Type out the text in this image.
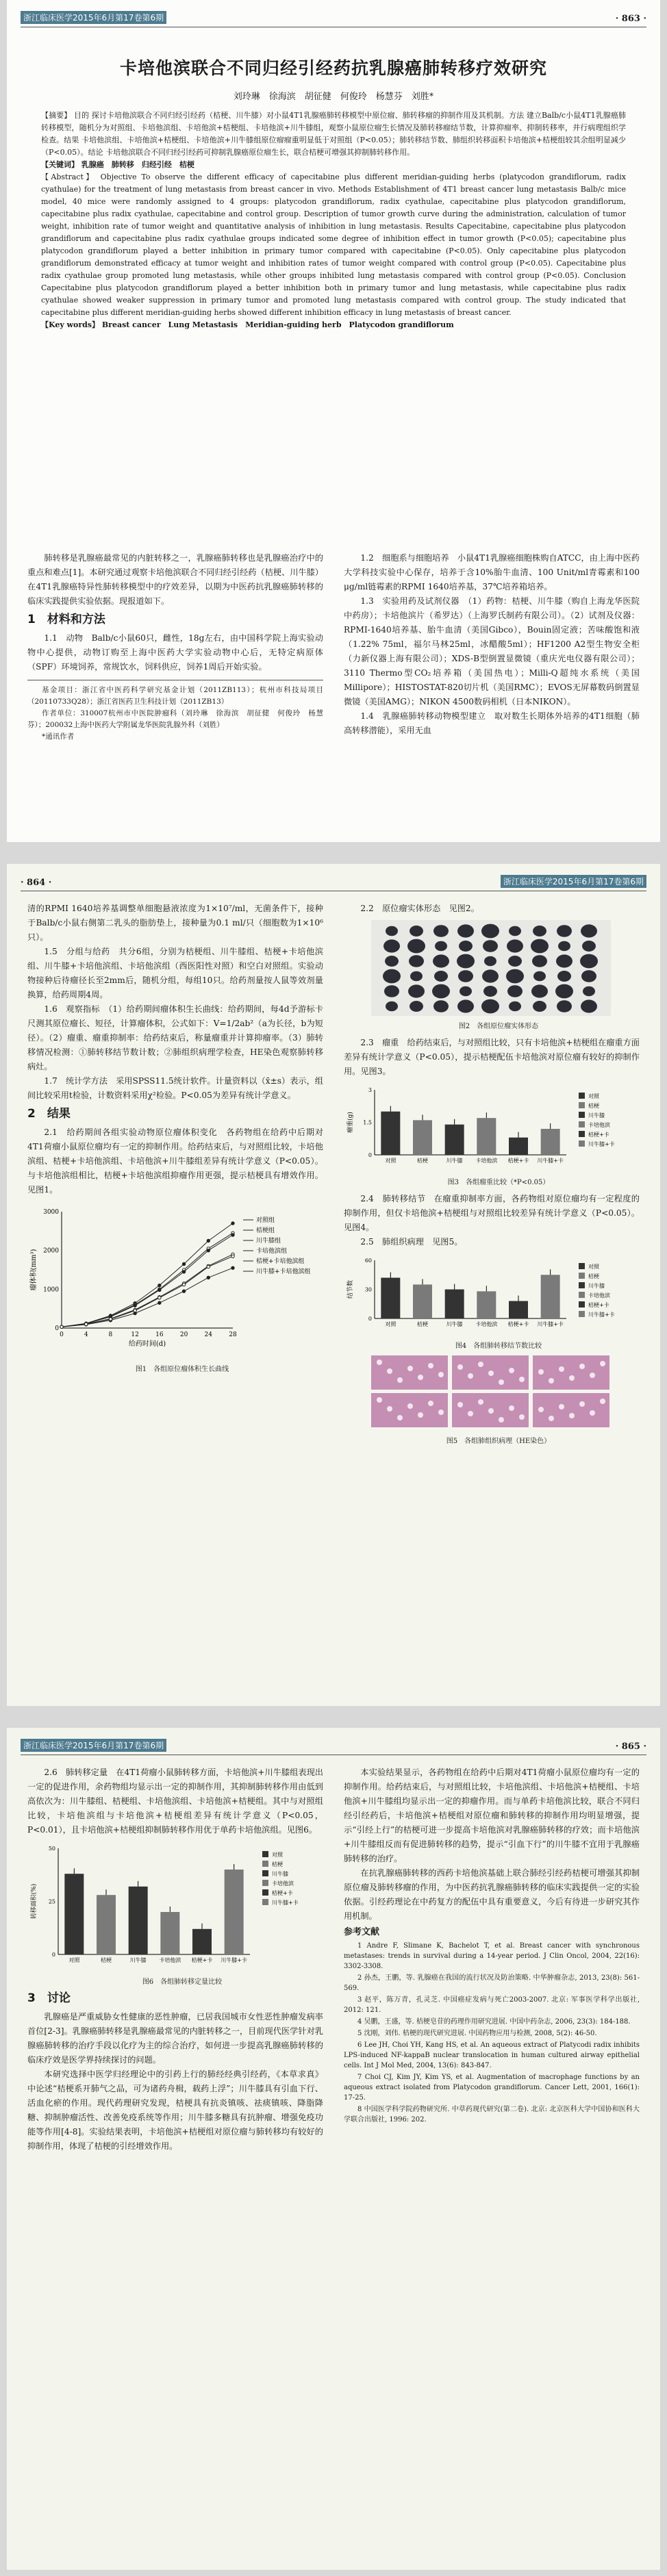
浙江临床医学2015年6月第17卷第6期	· 863 ·
卡培他滨联合不同归经引经药抗乳腺癌肺转移疗效研究
刘玲琳　徐海滨　胡征健　何俊玲　杨慧芬　刘胜*

【摘要】 目的 探讨卡培他滨联合不同归经引经药（桔梗、川牛膝）对小鼠4T1乳腺癌肺转移模型中原位瘤、肺转移瘤的抑制作用及其机制。方法 建立Balb/c小鼠4T1乳腺癌肺转移模型，随机分为对照组、卡培他滨组、卡培他滨+桔梗组、卡培他滨+川牛膝组，观察小鼠原位瘤生长情况及肺转移瘤结节数，计算抑瘤率、抑制转移率，并行病理组织学检查。结果 卡培他滨组、卡培他滨+桔梗组、卡培他滨+川牛膝组原位瘤瘤重明显低于对照组（P<0.05）；肺转移结节数、肺组织转移面积卡培他滨+桔梗组较其余组明显减少（P<0.05）。结论 卡培他滨联合不同归经引经药可抑制乳腺癌原位瘤生长，联合桔梗可增强其抑制肺转移作用。

【关键词】 乳腺癌　肺转移　归经引经　桔梗

【Abstract】 Objective To observe the different efficacy of capecitabine plus different meridian-guiding herbs (platycodon grandiflorum, radix cyathulae) for the treatment of lung metastasis from breast cancer in vivo. Methods Establishment of 4T1 breast cancer lung metastasis Balb/c mice model, 40 mice were randomly assigned to 4 groups: platycodon grandiflorum, radix cyathulae, capecitabine plus platycodon grandiflorum, capecitabine plus radix cyathulae, capecitabine and control group. Description of tumor growth curve during the administration, calculation of tumor weight, inhibition rate of tumor weight and quantitative analysis of inhibition in lung metastasis. Results Capecitabine, capecitabine plus platycodon grandiflorum and capecitabine plus radix cyathulae groups indicated some degree of inhibition effect in tumor growth (P<0.05); capecitabine plus platycodon grandiflorum played a better inhibition in primary tumor compared with capecitabine (P<0.05). Only capecitabine plus platycodon grandiflorum demonstrated efficacy at tumor weight and inhibition rates of tumor weight compared with control group (P<0.05). Capecitabine plus radix cyathulae group promoted lung metastasis, while other groups inhibited lung metastasis compared with control group (P<0.05). Conclusion Capecitabine plus platycodon grandiflorum played a better inhibition both in primary tumor and lung metastasis, while capecitabine plus radix cyathulae showed weaker suppression in primary tumor and promoted lung metastasis compared with control group. The study indicated that capecitabine plus different meridian-guiding herbs showed different inhibition efficacy in lung metastasis of breast cancer.

【Key words】 Breast cancer　Lung Metastasis　Meridian-guiding herb　Platycodon grandiflorum

肺转移是乳腺癌最常见的内脏转移之一，乳腺癌肺转移也是乳腺癌治疗中的重点和难点[1]。本研究通过观察卡培他滨联合不同归经引经药（桔梗、川牛膝）在4T1乳腺癌特异性肺转移模型中的疗效差异，以期为中医药抗乳腺癌肺转移的临床实践提供实验依据。现报道如下。

1　材料和方法

1.1　动物　Balb/c小鼠60只，雌性，18g左右，由中国科学院上海实验动物中心提供，动物订购至上海中医药大学实验动物中心后，无特定病原体（SPF）环境饲养，常规饮水，饲料供应，饲养1周后开始实验。

基金项目：浙江省中医药科学研究基金计划（2011ZB113）；杭州市科技局项目（20110733Q28）；浙江省医药卫生科技计划（2011ZB13）

作者单位：310007杭州市中医院肿瘤科（刘玲琳　徐海滨　胡征健　何俊玲　杨慧芬）；200032上海中医药大学附属龙华医院乳腺外科（刘胜）

*通讯作者

1.2　细胞系与细胞培养　小鼠4T1乳腺癌细胞株购自ATCC，由上海中医药大学科技实验中心保存，培养于含10%胎牛血清、100 Unit/ml青霉素和100 μg/ml链霉素的RPMI 1640培养基，37℃培养箱培养。

1.3　实验用药及试剂仪器　（1）药物：桔梗、川牛膝（购自上海龙华医院中药房）；卡培他滨片（希罗达）（上海罗氏制药有限公司）。（2）试剂及仪器：RPMI-1640培养基、胎牛血清（美国Gibco），Bouin固定液；苦味酸饱和液（1.22% 75ml，福尔马林25ml，冰醋酸5ml）；HF1200 A2型生物安全柜（力新仪器上海有限公司）；XDS-B型倒置显微镜（重庆光电仪器有限公司）；3110 Thermo型CO₂培养箱（美国热电）；Milli-Q超纯水系统（美国Millipore）；HISTOSTAT-820切片机（美国RMC）；EVOS无屏幕数码倒置显微镜（美国AMG）；NIKON 4500数码相机（日本NIKON）。

1.4　乳腺癌肺转移动物模型建立　取对数生长期体外培养的4T1细胞（肺高转移潜能），采用无血

浙江临床医学2015年6月第17卷第6期
· 864 ·

清的RPMI 1640培养基调整单细胞悬液浓度为1×10⁷/ml，无菌条件下，接种于Balb/c小鼠右侧第二乳头的脂肪垫上，接种量为0.1 ml/只（细胞数为1×10⁶只）。

1.5　分组与给药　共分6组，分别为桔梗组、川牛膝组、桔梗+卡培他滨组、川牛膝+卡培他滨组、卡培他滨组（西医阳性对照）和空白对照组。实验动物接种后待瘤径长至2mm后，随机分组，每组10只。给药剂量按人鼠等效剂量换算，给药周期4周。

1.6　观察指标　（1）给药期间瘤体积生长曲线：给药期间，每4d予游标卡尺测其原位瘤长、短径，计算瘤体积，公式如下：V=1/2ab²（a为长径，b为短径）。（2）瘤重、瘤重抑制率：给药结束后，称量瘤重并计算抑瘤率。（3）肺转移情况检测：①肺转移结节数计数；②肺组织病理学检查，HE染色观察肺转移病灶。

1.7　统计学方法　采用SPSS11.5统计软件。计量资料以（x̄±s）表示，组间比较采用t检验，计数资料采用χ²检验。P<0.05为差异有统计学意义。

2　结果

2.1　给药期间各组实验动物原位瘤体积变化　各药物组在给药中后期对4T1荷瘤小鼠原位瘤均有一定的抑制作用。给药结束后，与对照组比较，卡培他滨组、桔梗+卡培他滨组、卡培他滨+川牛膝组差异有统计学意义（P<0.05）。与卡培他滨组相比，桔梗+卡培他滨组抑瘤作用更强，提示桔梗具有增效作用。见图1。

0
1000
2000
3000
0	4	8	12	16	20	24	28
给药时间(d)
瘤体积(mm³)
对照组
桔梗组
川牛膝组
卡培他滨组
桔梗+卡培他滨组
川牛膝+卡培他滨组

图1　各组原位瘤体积生长曲线

2.2　原位瘤实体形态　见图2。

图2　各组原位瘤实体形态

2.3　瘤重　给药结束后，与对照组比较，只有卡培他滨+桔梗组在瘤重方面差异有统计学意义（P<0.05），提示桔梗配伍卡培他滨对原位瘤有较好的抑制作用。见图3。

瘤重(g)
0
1.5
3
对照	桔梗	川牛膝 卡培他滨 桔梗+卡 川牛膝+卡
对照
桔梗
川牛膝
卡培他滨
桔梗+卡
川牛膝+卡

图3　各组瘤重比较（*P<0.05）

2.4　肺转移结节　在瘤重抑制率方面，各药物组对原位瘤均有一定程度的抑制作用，但仅卡培他滨+桔梗组与对照组比较差异有统计学意义（P<0.05）。见图4。

2.5　肺组织病理　见图5。

结节数
0
30
60
对照	桔梗	川牛膝 卡培他滨 桔梗+卡 川牛膝+卡
对照
桔梗
川牛膝
卡培他滨
桔梗+卡
川牛膝+卡

图4　各组肺转移结节数比较

图5　各组肺组织病理（HE染色）

浙江临床医学2015年6月第17卷第6期	· 865 ·

2.6　肺转移定量　在4T1荷瘤小鼠肺转移方面，卡培他滨+川牛膝组表现出一定的促进作用，余药物组均显示出一定的抑制作用，其抑制肺转移作用由低到高依次为：川牛膝组、桔梗组、卡培他滨组、卡培他滨+桔梗组。其中与对照组比较，卡培他滨组与卡培他滨+桔梗组差异有统计学意义（P<0.05，P<0.01），且卡培他滨+桔梗组抑制肺转移作用优于单药卡培他滨组。见图6。

转移面积(%)
0
25
50
对照	桔梗	川牛膝 卡培他滨 桔梗+卡 川牛膝+卡
对照
桔梗
川牛膝
卡培他滨
桔梗+卡
川牛膝+卡

图6　各组肺转移定量比较

3　讨论

乳腺癌是严重威胁女性健康的恶性肿瘤，已居我国城市女性恶性肿瘤发病率首位[2-3]。乳腺癌肺转移是乳腺癌最常见的内脏转移之一，目前现代医学针对乳腺癌肺转移的治疗手段以化疗为主的综合治疗，如何进一步提高乳腺癌肺转移的临床疗效是医学界持续探讨的问题。

本研究选择中医学归经理论中的引药上行的肺经经典引经药，《本草求真》中论述“桔梗系开肺气之品，可为诸药舟楫，载药上浮”；川牛膝具有引血下行、活血化瘀的作用。现代药理研究发现，桔梗具有抗炎镇咳、祛痰镇咳、降脂降糖、抑制肿瘤活性、改善免疫系统等作用；川牛膝多糖具有抗肿瘤、增强免疫功能等作用[4-8]。实验结果表明，卡培他滨+桔梗组对原位瘤与肺转移均有较好的抑制作用，体现了桔梗的引经增效作用。

本实验结果显示，各药物组在给药中后期对4T1荷瘤小鼠原位瘤均有一定的抑制作用。给药结束后，与对照组比较，卡培他滨组、卡培他滨+桔梗组、卡培他滨+川牛膝组均显示出一定的抑瘤作用。而与单药卡培他滨比较，联合不同归经引经药后，卡培他滨+桔梗组对原位瘤和肺转移的抑制作用均明显增强，提示“引经上行”的桔梗可进一步提高卡培他滨对乳腺癌肺转移的疗效；而卡培他滨+川牛膝组反而有促进肺转移的趋势，提示“引血下行”的川牛膝不宜用于乳腺癌肺转移的治疗。

在抗乳腺癌肺转移的西药卡培他滨基础上联合肺经引经药桔梗可增强其抑制原位瘤及肺转移瘤的作用，为中医药抗乳腺癌肺转移的临床实践提供一定的实验依据。引经药理论在中药复方的配伍中具有重要意义，今后有待进一步研究其作用机制。

参考文献

1 Andre F, Slimane K, Bachelot T, et al. Breast cancer with synchronous metastases: trends in survival during a 14-year period. J Clin Oncol, 2004, 22(16): 3302-3308.

2 孙杰，王鹏，等. 乳腺癌在我国的流行状况及防治策略. 中华肿瘤杂志, 2013, 23(8): 561-569.

3 赵平，陈万青，孔灵芝. 中国癌症发病与死亡2003-2007. 北京: 军事医学科学出版社, 2012: 121.

4 吴鹏，王盛，等. 桔梗皂苷的药理作用研究进展. 中国中药杂志, 2006, 23(3): 184-188.

5 沈刚，刘伟. 桔梗的现代研究进展. 中国药物应用与检测, 2008, 5(2): 46-50.

6 Lee JH, Choi YH, Kang HS, et al. An aqueous extract of Platycodi radix inhibits LPS-induced NF-kappaB nuclear translocation in human cultured airway epithelial cells. Int J Mol Med, 2004, 13(6): 843-847.

7 Choi CJ, Kim JY, Kim YS, et al. Augmentation of macrophage functions by an aqueous extract isolated from Platycodon grandiflorum. Cancer Lett, 2001, 166(1): 17-25.

8 中国医学科学院药物研究所. 中草药现代研究(第二卷). 北京: 北京医科大学中国协和医科大学联合出版社, 1996: 202.
